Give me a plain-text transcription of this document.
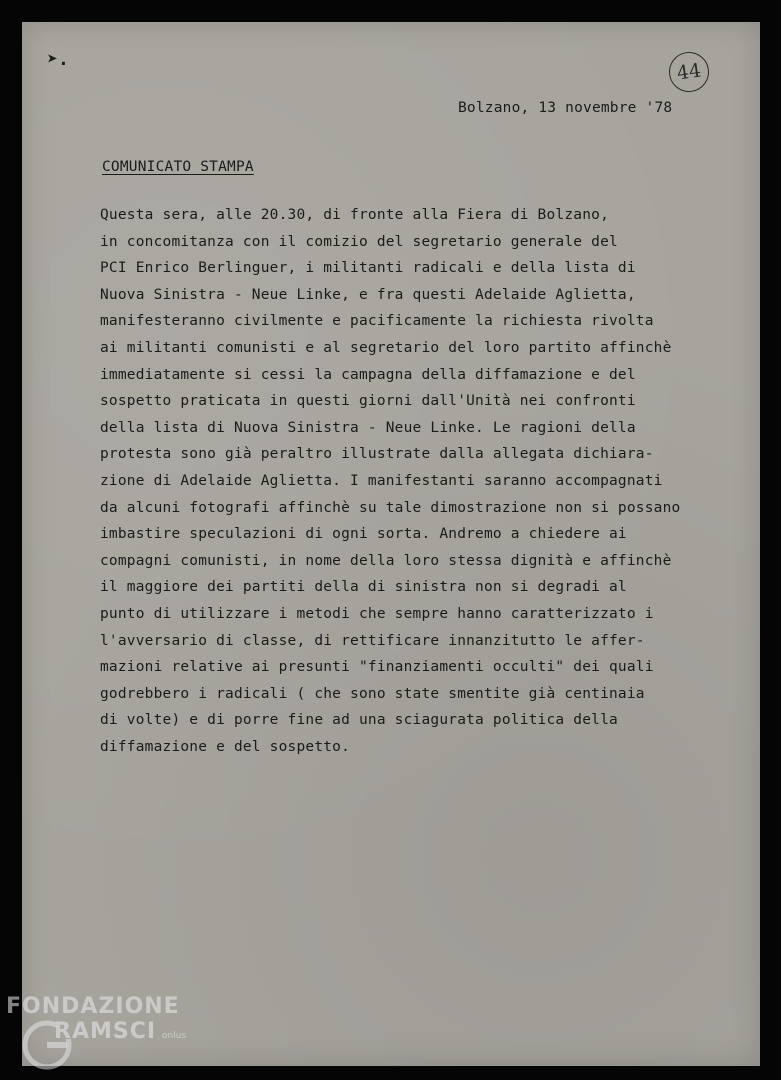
➤.	44
Bolzano, 13 novembre '78
COMUNICATO STAMPA
Questa sera, alle 20.30, di fronte alla Fiera di Bolzano,
in concomitanza con il comizio del segretario generale del
PCI Enrico Berlinguer, i militanti radicali e della lista di
Nuova Sinistra - Neue Linke, e fra questi Adelaide Aglietta,
manifesteranno civilmente e pacificamente la richiesta rivolta
ai militanti comunisti e al segretario del loro partito affinchè
immediatamente si cessi la campagna della diffamazione e del
sospetto praticata in questi giorni dall'Unità nei confronti
della lista di Nuova Sinistra - Neue Linke. Le ragioni della
protesta sono già peraltro illustrate dalla allegata dichiara-
zione di Adelaide Aglietta. I manifestanti saranno accompagnati
da alcuni fotografi affinchè su tale dimostrazione non si possano
imbastire speculazioni di ogni sorta. Andremo a chiedere ai
compagni comunisti, in nome della loro stessa dignità e affinchè
il maggiore dei partiti della di sinistra non si degradi al
punto di utilizzare i metodi che sempre hanno caratterizzato i
l'avversario di classe, di rettificare innanzitutto le affer-
mazioni relative ai presunti "finanziamenti occulti" dei quali
godrebbero i radicali ( che sono state smentite già centinaia
di volte) e di porre fine ad una sciagurata politica della
diffamazione e del sospetto.
FONDAZIONE
RAMSCI onlus
